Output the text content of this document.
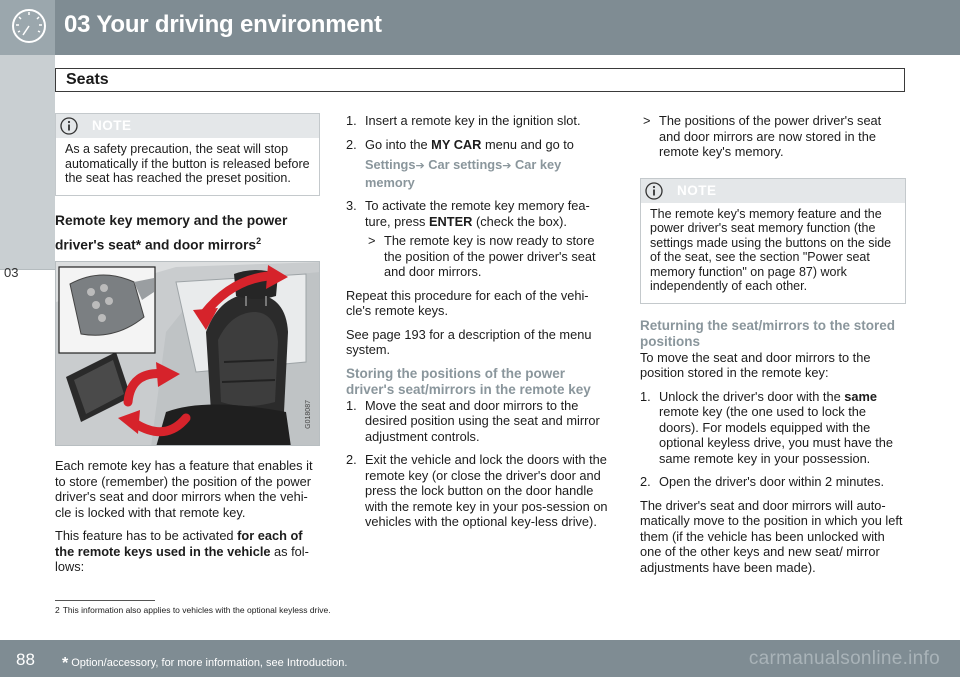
03 Your driving environment
03
Seats
NOTE
As a safety precaution, the seat will stop automatically if the button is released before the seat has reached the preset position.
Remote key memory and the power driver's seat* and door mirrors$^2$
G018087

Each remote key has a feature that enables it to store (remember) the position of the power driver's seat and door mirrors when the vehi-cle is locked with that remote key.

This feature has to be activated for each of the remote keys used in the vehicle as fol-lows:

1. Insert a remote key in the ignition slot.
2. Go into the MY CAR menu and go to
Settings➔ Car settings➔ Car key memory
3. To activate the remote key memory fea-ture, press ENTER (check the box).
> The remote key is now ready to store the position of the power driver's seat and door mirrors.

Repeat this procedure for each of the vehi-cle's remote keys.

See page 193 for a description of the menu system.

Storing the positions of the power driver's seat/mirrors in the remote key
1. Move the seat and door mirrors to the desired position using the seat and mirror adjustment controls.
2. Exit the vehicle and lock the doors with the remote key (or close the driver's door and press the lock button on the door handle with the remote key in your pos-session on vehicles with the optional key-less drive).
> The positions of the power driver's seat and door mirrors are now stored in the remote key's memory.
NOTE
The remote key's memory feature and the power driver's seat memory function (the settings made using the buttons on the side of the seat, see the section "Power seat memory function" on page 87) work independently of each other.
Returning the seat/mirrors to the stored positions

To move the seat and door mirrors to the position stored in the remote key:

1. Unlock the driver's door with the same remote key (the one used to lock the doors). For models equipped with the optional keyless drive, you must have the same remote key in your possession.
2. Open the driver's door within 2 minutes.

The driver's seat and door mirrors will auto-matically move to the position in which you left them (if the vehicle has been unlocked with one of the other keys and new seat/ mirror adjustments have been made).

2 This information also applies to vehicles with the optional keyless drive.
88 * Option/accessory, for more information, see Introduction.	carmanualsonline.info
